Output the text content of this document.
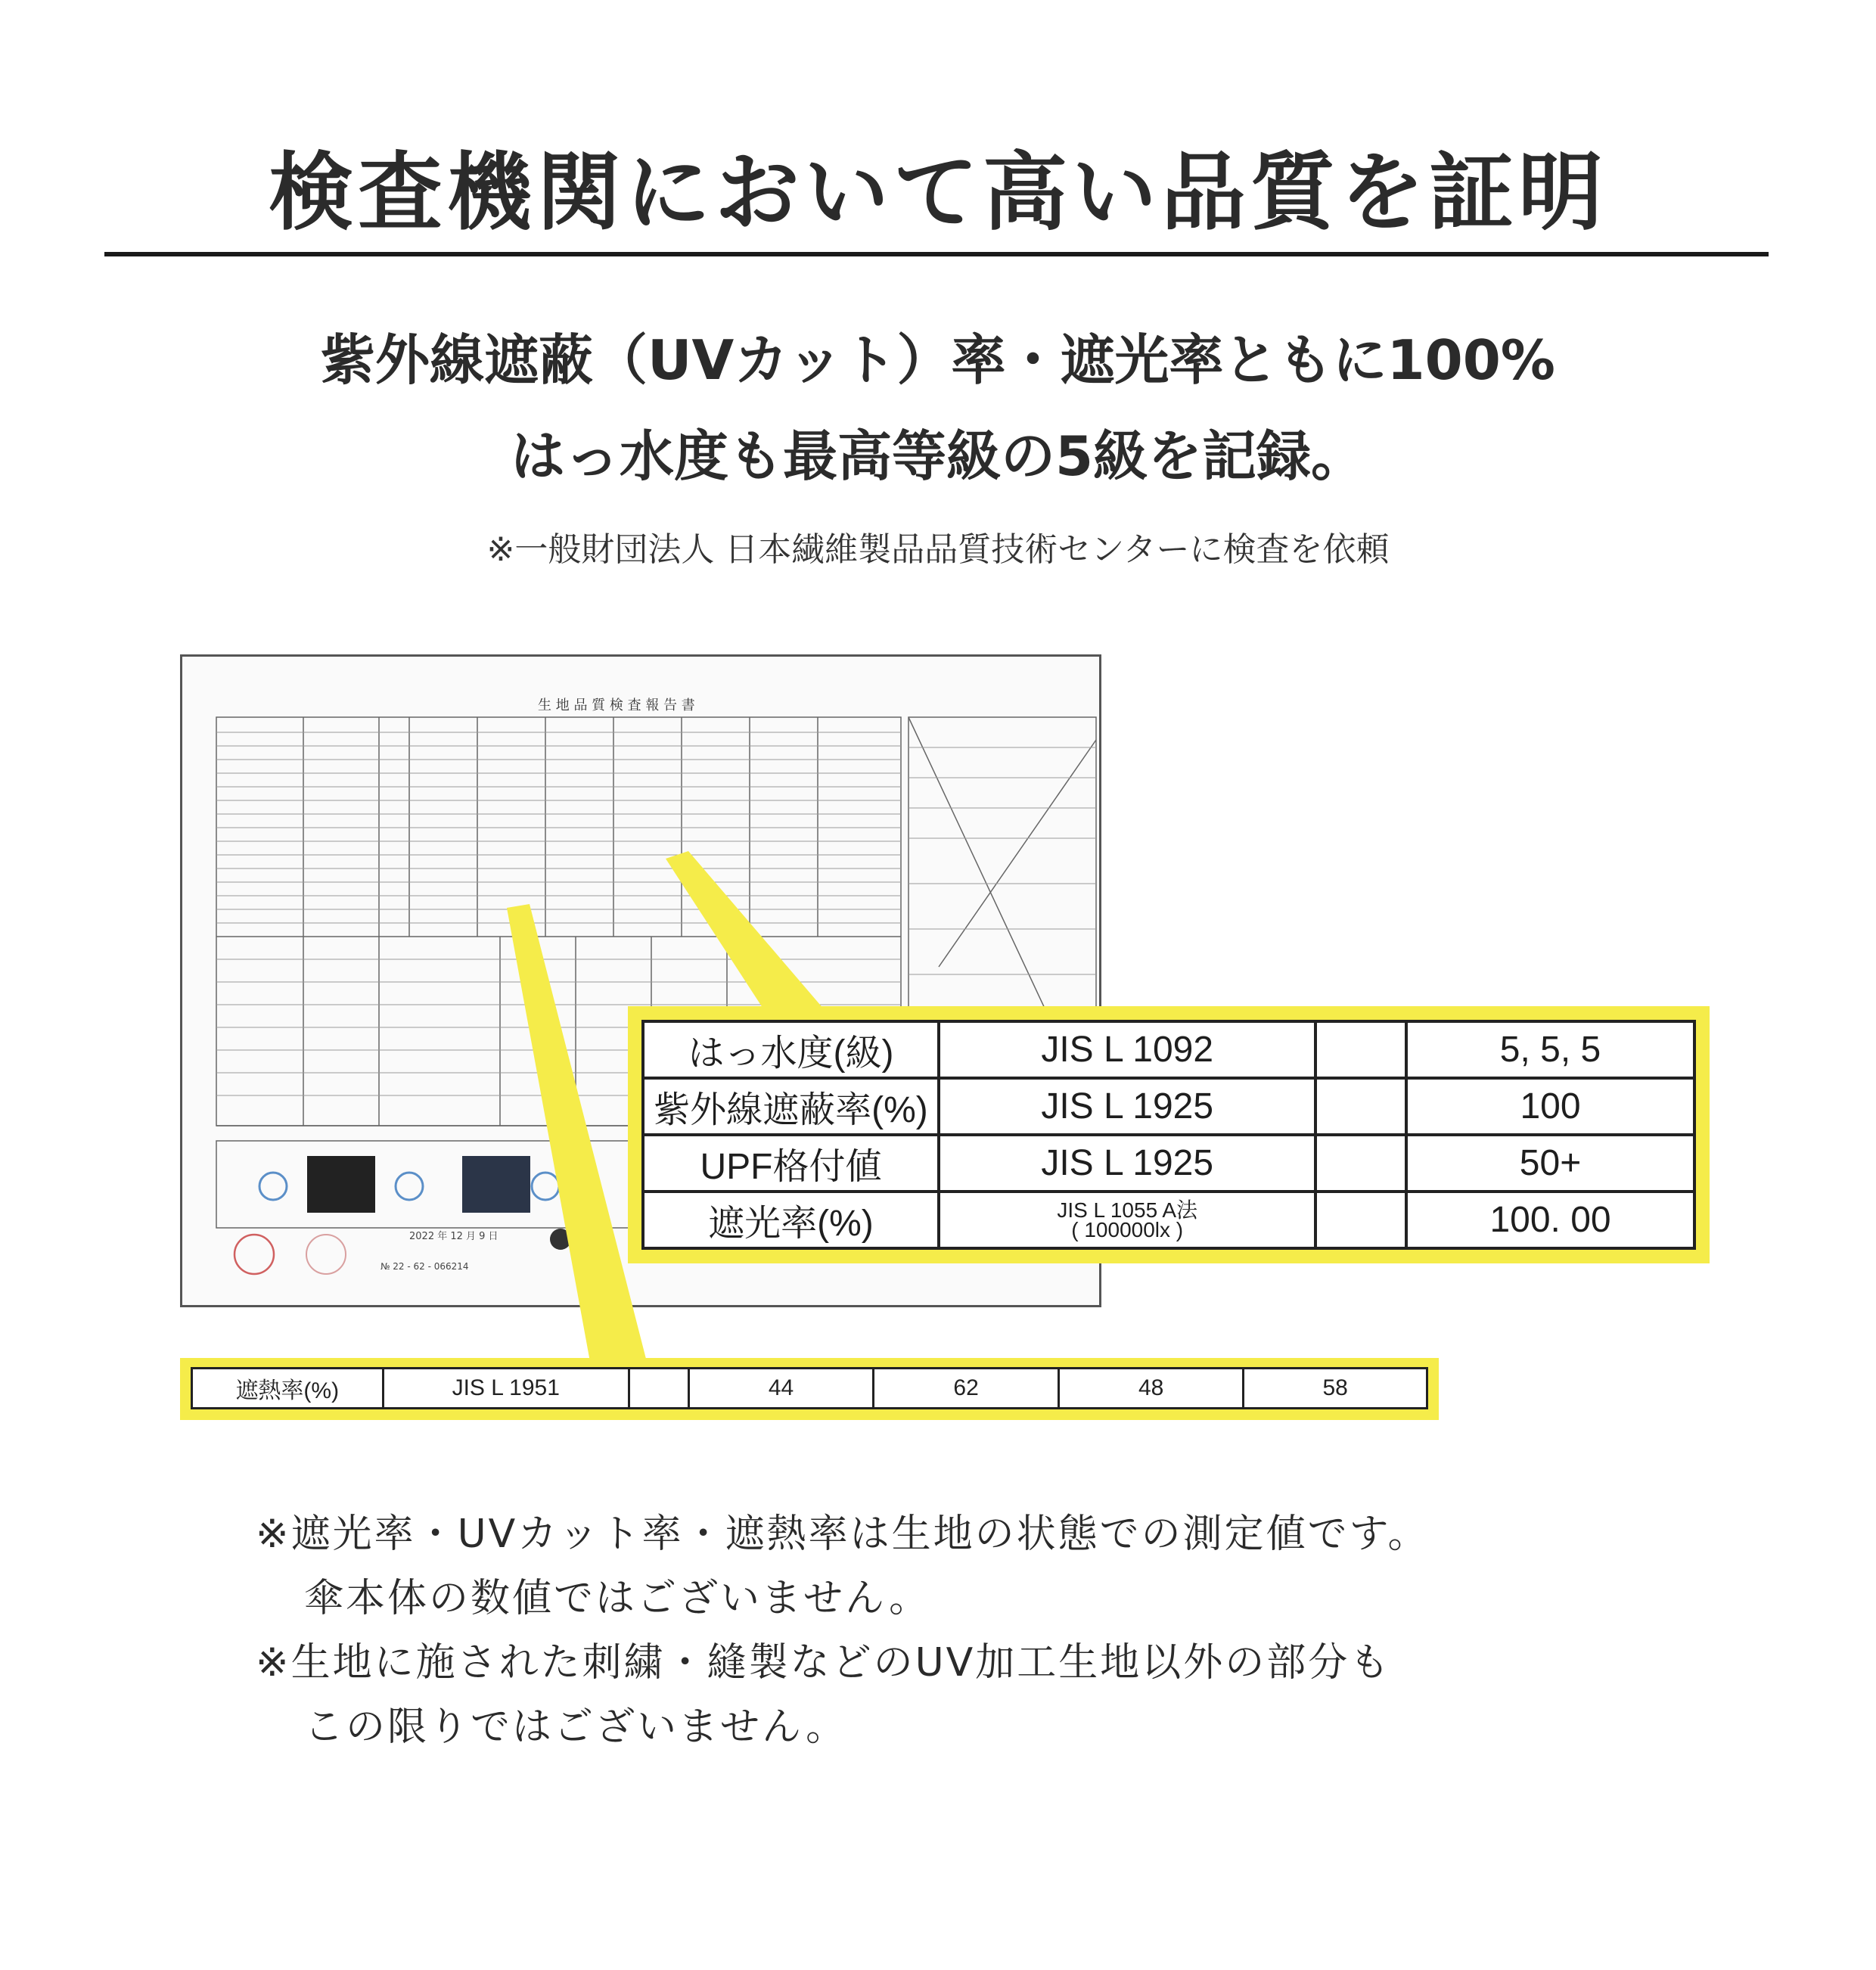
検査機関において高い品質を証明
紫外線遮蔽（UVカット）率・遮光率ともに100%
はっ水度も最高等級の5級を記録。
※一般財団法人 日本繊維製品品質技術センターに検査を依頼
生 地 品 質 検 査 報 告 書
2022 年 12 月 9 日
№ 22 - 62 - 066214
はっ水度(級)	JIS L 1092		5, 5, 5
紫外線遮蔽率(%)	JIS L 1925		100
UPF格付値	JIS L 1925		50+
遮光率(%)	JIS L 1055 A法
( 100000lx )		100. 00
遮熱率(%)	JIS L 1951		44	62	48	58
※遮光率・UVカット率・遮熱率は生地の状態での測定値です。
傘本体の数値ではございません。
※生地に施された刺繍・縫製などのUV加工生地以外の部分も
この限りではございません。
